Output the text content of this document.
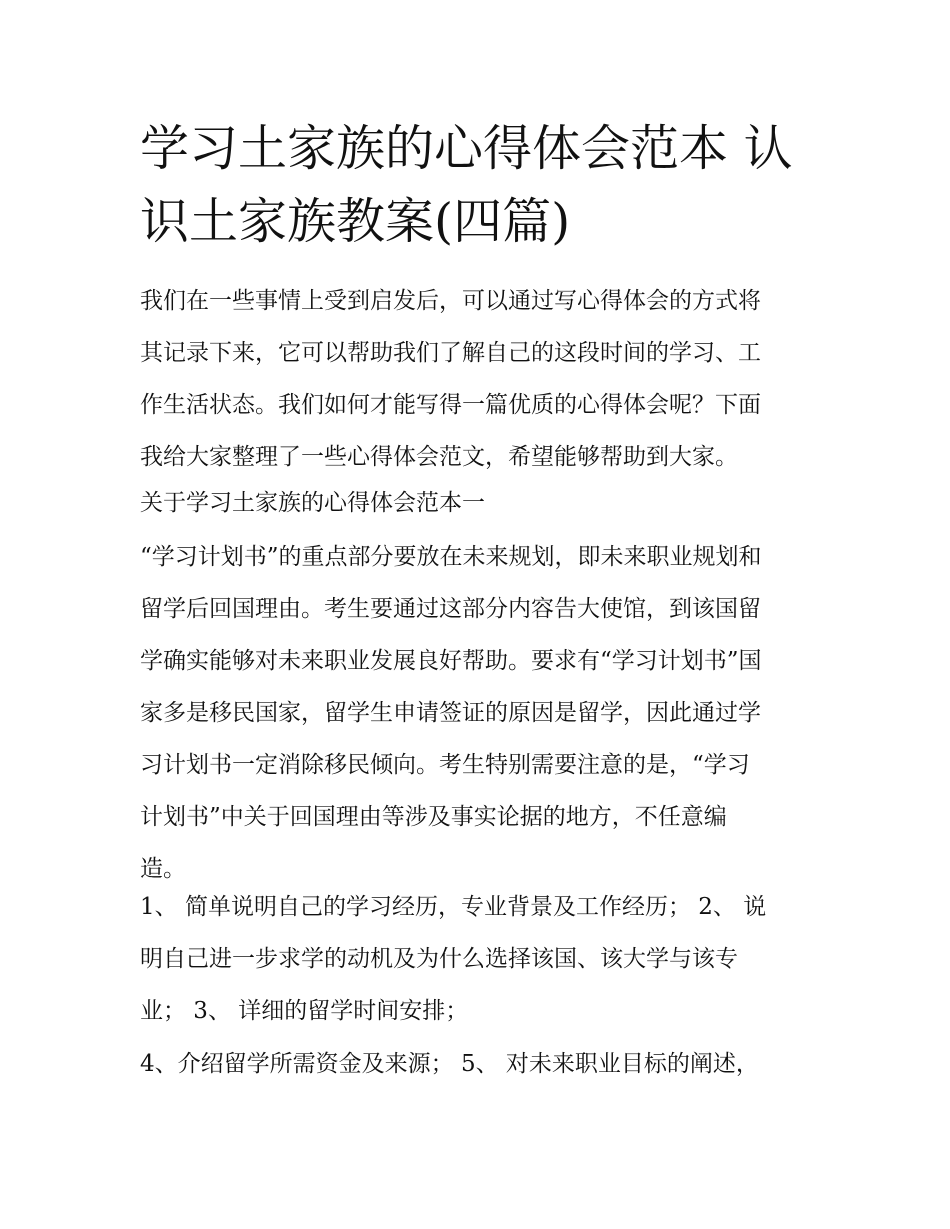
学习土家族的心得体会范本 认
识土家族教案(四篇)
我们在一些事情上受到启发后，可以通过写心得体会的方式将
其记录下来，它可以帮助我们了解自己的这段时间的学习、工
作生活状态。我们如何才能写得一篇优质的心得体会呢？下面
我给大家整理了一些心得体会范文，希望能够帮助到大家。
关于学习土家族的心得体会范本一
“学习计划书”的重点部分要放在未来规划，即未来职业规划和
留学后回国理由。考生要通过这部分内容告大使馆，到该国留
学确实能够对未来职业发展良好帮助。要求有“学习计划书”国
家多是移民国家，留学生申请签证的原因是留学，因此通过学
习计划书一定消除移民倾向。考生特别需要注意的是，“学习
计划书”中关于回国理由等涉及事实论据的地方，不任意编
造。
1、 简单说明自己的学习经历，专业背景及工作经历； 2、 说
明自己进一步求学的动机及为什么选择该国、该大学与该专
业； 3、 详细的留学时间安排；
4、介绍留学所需资金及来源； 5、 对未来职业目标的阐述，
